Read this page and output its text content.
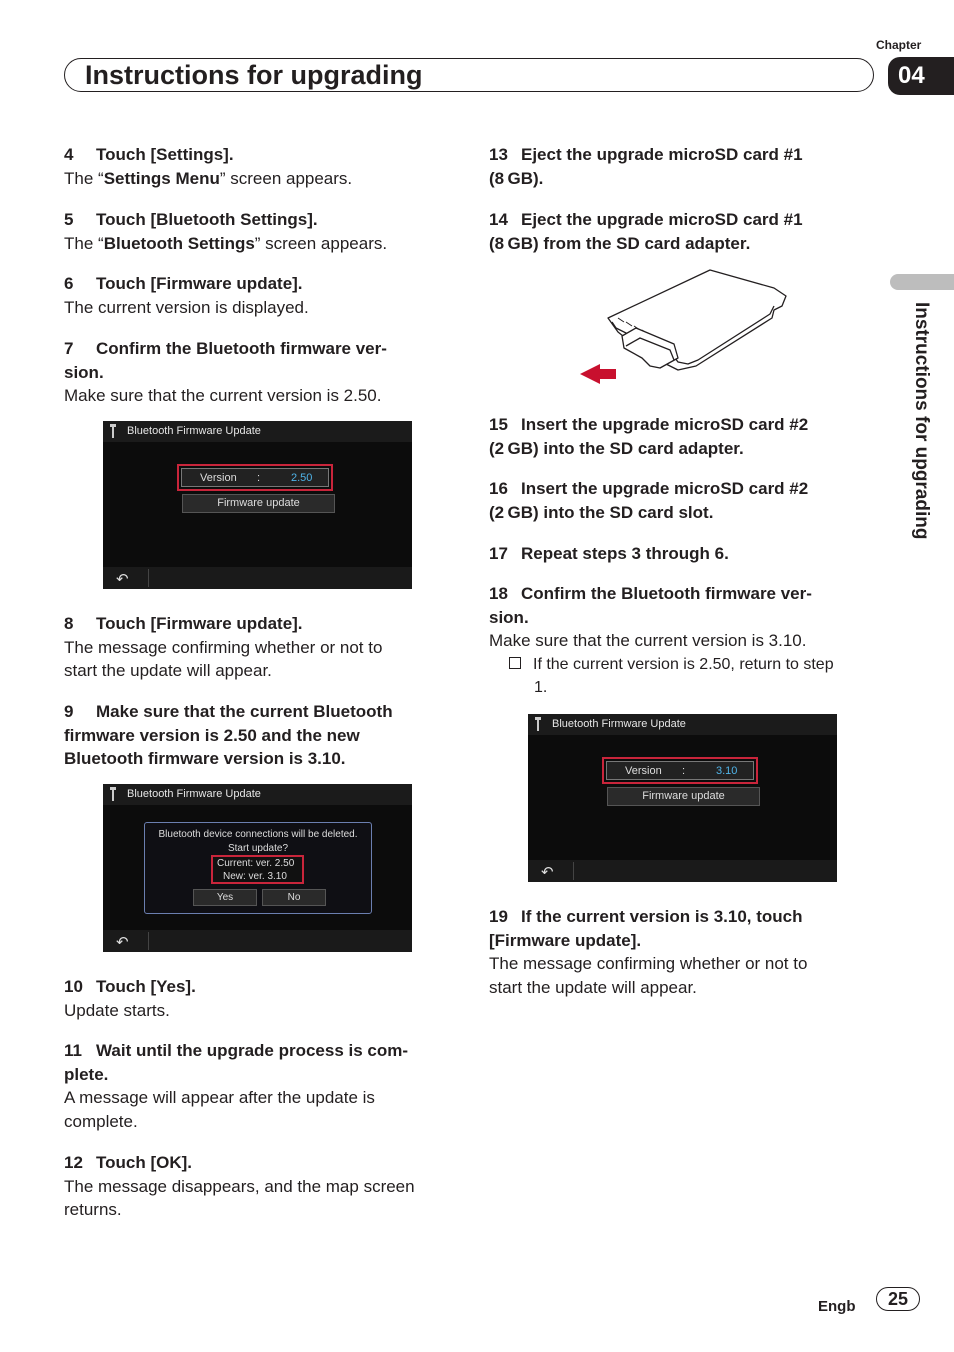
Chapter
Instructions for upgrading	04
Instructions for upgrading
4 Touch [Settings].
The “Settings Menu” screen appears.
5 Touch [Bluetooth Settings].
The “Bluetooth Settings” screen appears.
6 Touch [Firmware update].
The current version is displayed.
7 Confirm the Bluetooth firmware ver-
sion.
Make sure that the current version is 2.50.
Bluetooth Firmware Update
Version :	2.50
Firmware update
↶
8 Touch [Firmware update].
The message confirming whether or not to
start the update will appear.
9 Make sure that the current Bluetooth
firmware version is 2.50 and the new
Bluetooth firmware version is 3.10.
Bluetooth Firmware Update
Bluetooth device connections will be deleted.
Start update?
Current: ver. 2.50
New: ver. 3.10
Yes	No
↶
10 Touch [Yes].
Update starts.
11 Wait until the upgrade process is com-
plete.
A message will appear after the update is
complete.
12 Touch [OK].
The message disappears, and the map screen
returns.
13 Eject the upgrade microSD card #1
(8 GB).
14 Eject the upgrade microSD card #1
(8 GB) from the SD card adapter.
15 Insert the upgrade microSD card #2
(2 GB) into the SD card adapter.
16 Insert the upgrade microSD card #2
(2 GB) into the SD card slot.
17 Repeat steps 3 through 6.
18 Confirm the Bluetooth firmware ver-
sion.
Make sure that the current version is 3.10.
If the current version is 2.50, return to step
1.
Bluetooth Firmware Update
Version :	3.10
Firmware update
↶
19 If the current version is 3.10, touch
[Firmware update].
The message confirming whether or not to
start the update will appear.
Engb	25
